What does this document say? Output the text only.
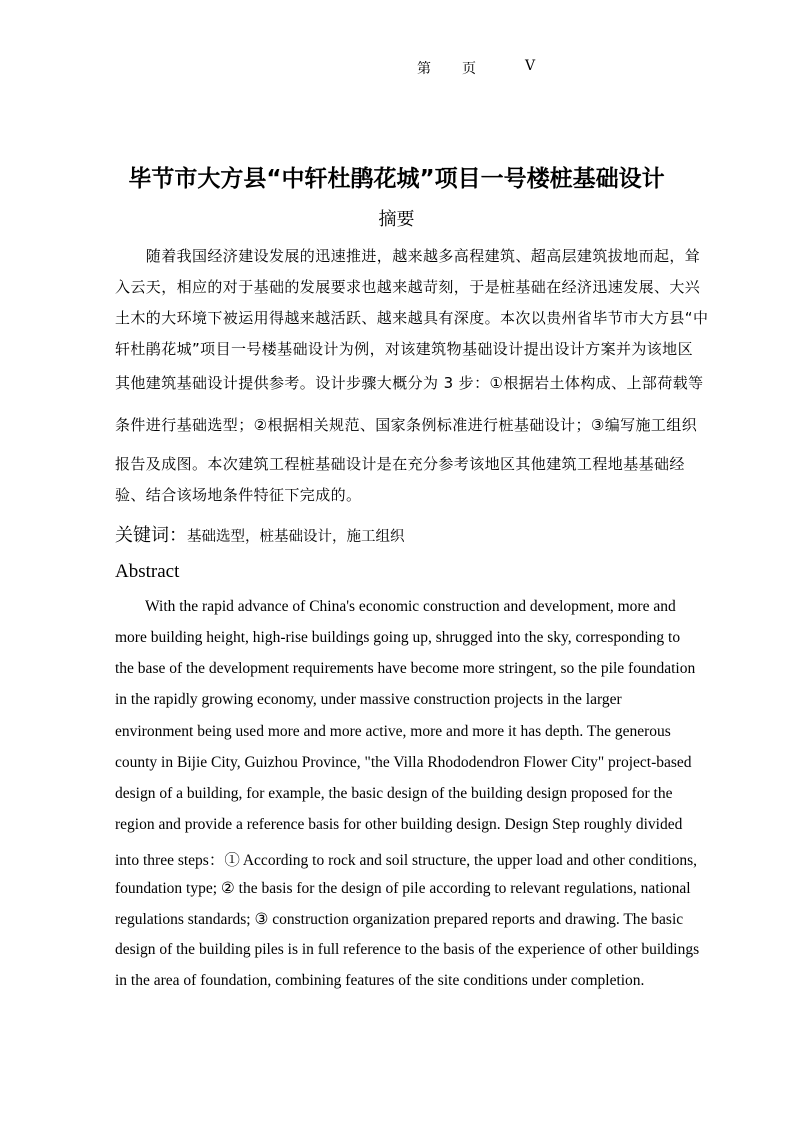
第 页	V
毕节市大方县“中轩杜鹃花城”项目一号楼桩基础设计
摘要
　　随着我国经济建设发展的迅速推进，越来越多高程建筑、超高层建筑拔地而起，耸
入云天，相应的对于基础的发展要求也越来越苛刻，于是桩基础在经济迅速发展、大兴
土木的大环境下被运用得越来越活跃、越来越具有深度。本次以贵州省毕节市大方县“中
轩杜鹃花城”项目一号楼基础设计为例，对该建筑物基础设计提出设计方案并为该地区
其他建筑基础设计提供参考。设计步骤大概分为 3 步：①根据岩土体构成、上部荷载等
条件进行基础选型；②根据相关规范、国家条例标准进行桩基础设计；③编写施工组织
报告及成图。本次建筑工程桩基础设计是在充分参考该地区其他建筑工程地基基础经
验、结合该场地条件特征下完成的。
关键词：基础选型，桩基础设计，施工组织
Abstract
With the rapid advance of China's economic construction and development, more and
more building height, high-rise buildings going up, shrugged into the sky, corresponding to
the base of the development requirements have become more stringent, so the pile foundation
in the rapidly growing economy, under massive construction projects in the larger
environment being used more and more active, more and more it has depth. The generous
county in Bijie City, Guizhou Province, "the Villa Rhododendron Flower City" project-based
design of a building, for example, the basic design of the building design proposed for the
region and provide a reference basis for other building design. Design Step roughly divided
into three steps：① According to rock and soil structure, the upper load and other conditions,
foundation type; ② the basis for the design of pile according to relevant regulations, national
regulations standards; ③ construction organization prepared reports and drawing. The basic
design of the building piles is in full reference to the basis of the experience of other buildings
in the area of foundation, combining features of the site conditions under completion.
